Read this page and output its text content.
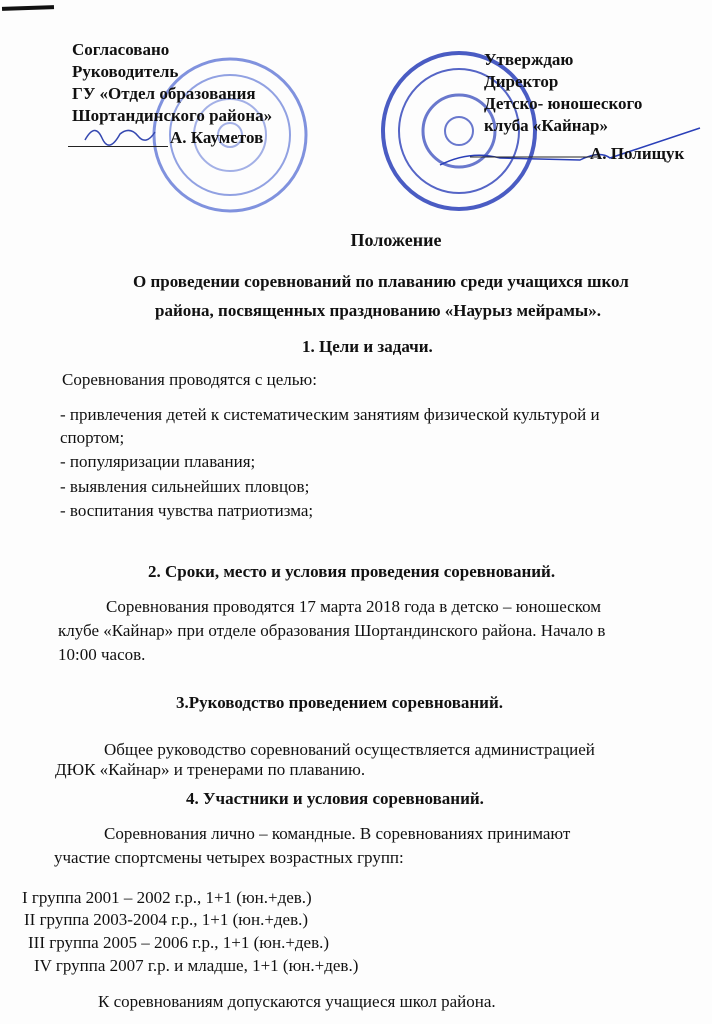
Согласовано
Руководитель
ГУ «Отдел образования
Шортандинского района»
А. Кауметов
Утверждаю
Директор
Детско- юношеского
клуба «Кайнар»
А. Полищук
Положение
О проведении соревнований по плаванию среди учащихся школ
района, посвященных празднованию «Наурыз мейрамы».
1. Цели и задачи.
Соревнования проводятся с целью:
- привлечения детей к систематическим занятиям физической культурой и
спортом;
- популяризации плавания;
- выявления сильнейших пловцов;
- воспитания чувства патриотизма;
2. Сроки, место и условия проведения соревнований.
Соревнования проводятся 17 марта 2018 года в детско – юношеском
клубе «Кайнар» при отделе образования Шортандинского района. Начало в
10:00 часов.
3.Руководство проведением соревнований.
Общее руководство соревнований осуществляется администрацией
ДЮК «Кайнар» и тренерами по плаванию.
4. Участники и условия соревнований.
Соревнования лично – командные. В соревнованиях принимают
участие спортсмены четырех возрастных групп:
I группа 2001 – 2002 г.р., 1+1 (юн.+дев.)
II группа 2003-2004 г.р., 1+1 (юн.+дев.)
III группа 2005 – 2006 г.р., 1+1 (юн.+дев.)
IV группа 2007 г.р. и младше, 1+1 (юн.+дев.)
К соревнованиям допускаются учащиеся школ района.
